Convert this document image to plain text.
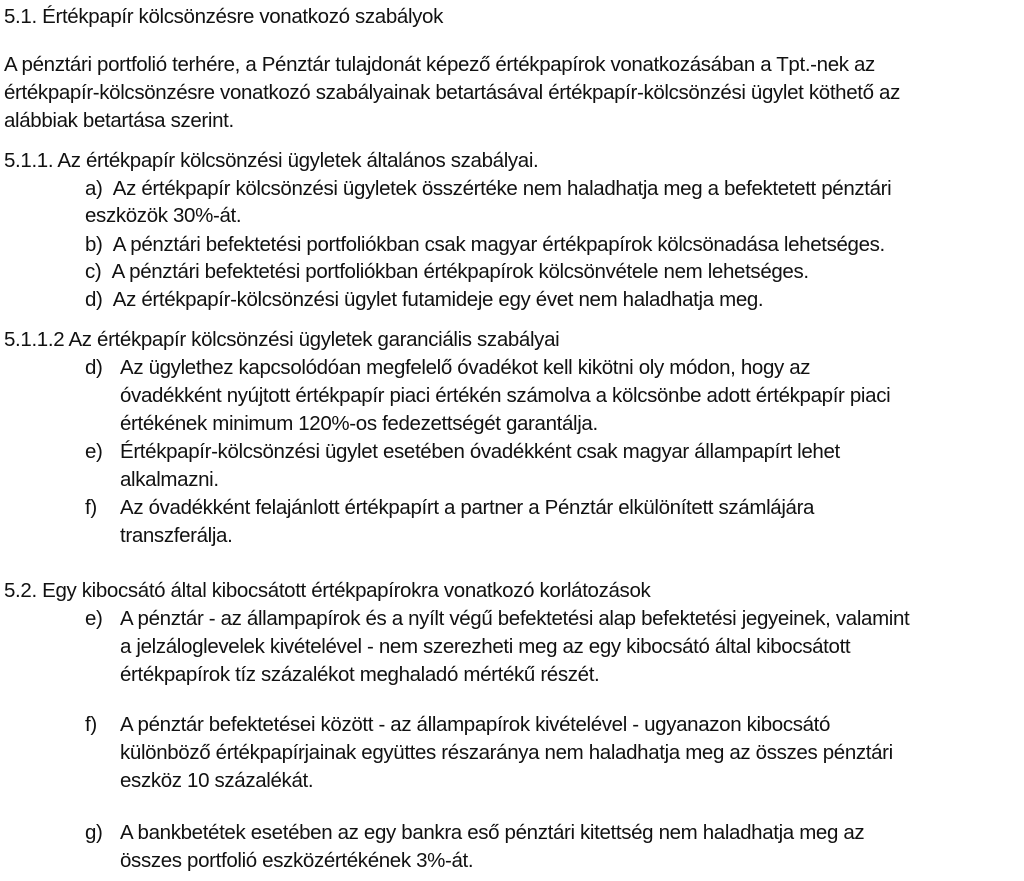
5.1. Értékpapír kölcsönzésre vonatkozó szabályok
A pénztári portfolió terhére, a Pénztár tulajdonát képező értékpapírok vonatkozásában a Tpt.-nek az
értékpapír-kölcsönzésre vonatkozó szabályainak betartásával értékpapír-kölcsönzési ügylet köthető az
alábbiak betartása szerint.
5.1.1. Az értékpapír kölcsönzési ügyletek általános szabályai.
a) Az értékpapír kölcsönzési ügyletek összértéke nem haladhatja meg a befektetett pénztári
eszközök 30%-át.
b) A pénztári befektetési portfoliókban csak magyar értékpapírok kölcsönadása lehetséges.
c) A pénztári befektetési portfoliókban értékpapírok kölcsönvétele nem lehetséges.
d) Az értékpapír-kölcsönzési ügylet futamideje egy évet nem haladhatja meg.
5.1.1.2 Az értékpapír kölcsönzési ügyletek garanciális szabályai
d) Az ügylethez kapcsolódóan megfelelő óvadékot kell kikötni oly módon, hogy az
óvadékként nyújtott értékpapír piaci értékén számolva a kölcsönbe adott értékpapír piaci
értékének minimum 120%-os fedezettségét garantálja.
e) Értékpapír-kölcsönzési ügylet esetében óvadékként csak magyar állampapírt lehet
alkalmazni.
f) Az óvadékként felajánlott értékpapírt a partner a Pénztár elkülönített számlájára
transzferálja.
5.2. Egy kibocsátó által kibocsátott értékpapírokra vonatkozó korlátozások
e) A pénztár - az állampapírok és a nyílt végű befektetési alap befektetési jegyeinek, valamint
a jelzáloglevelek kivételével - nem szerezheti meg az egy kibocsátó által kibocsátott
értékpapírok tíz százalékot meghaladó mértékű részét.
f) A pénztár befektetései között - az állampapírok kivételével - ugyanazon kibocsátó
különböző értékpapírjainak együttes részaránya nem haladhatja meg az összes pénztári
eszköz 10 százalékát.
g) A bankbetétek esetében az egy bankra eső pénztári kitettség nem haladhatja meg az
összes portfolió eszközértékének 3%-át.
